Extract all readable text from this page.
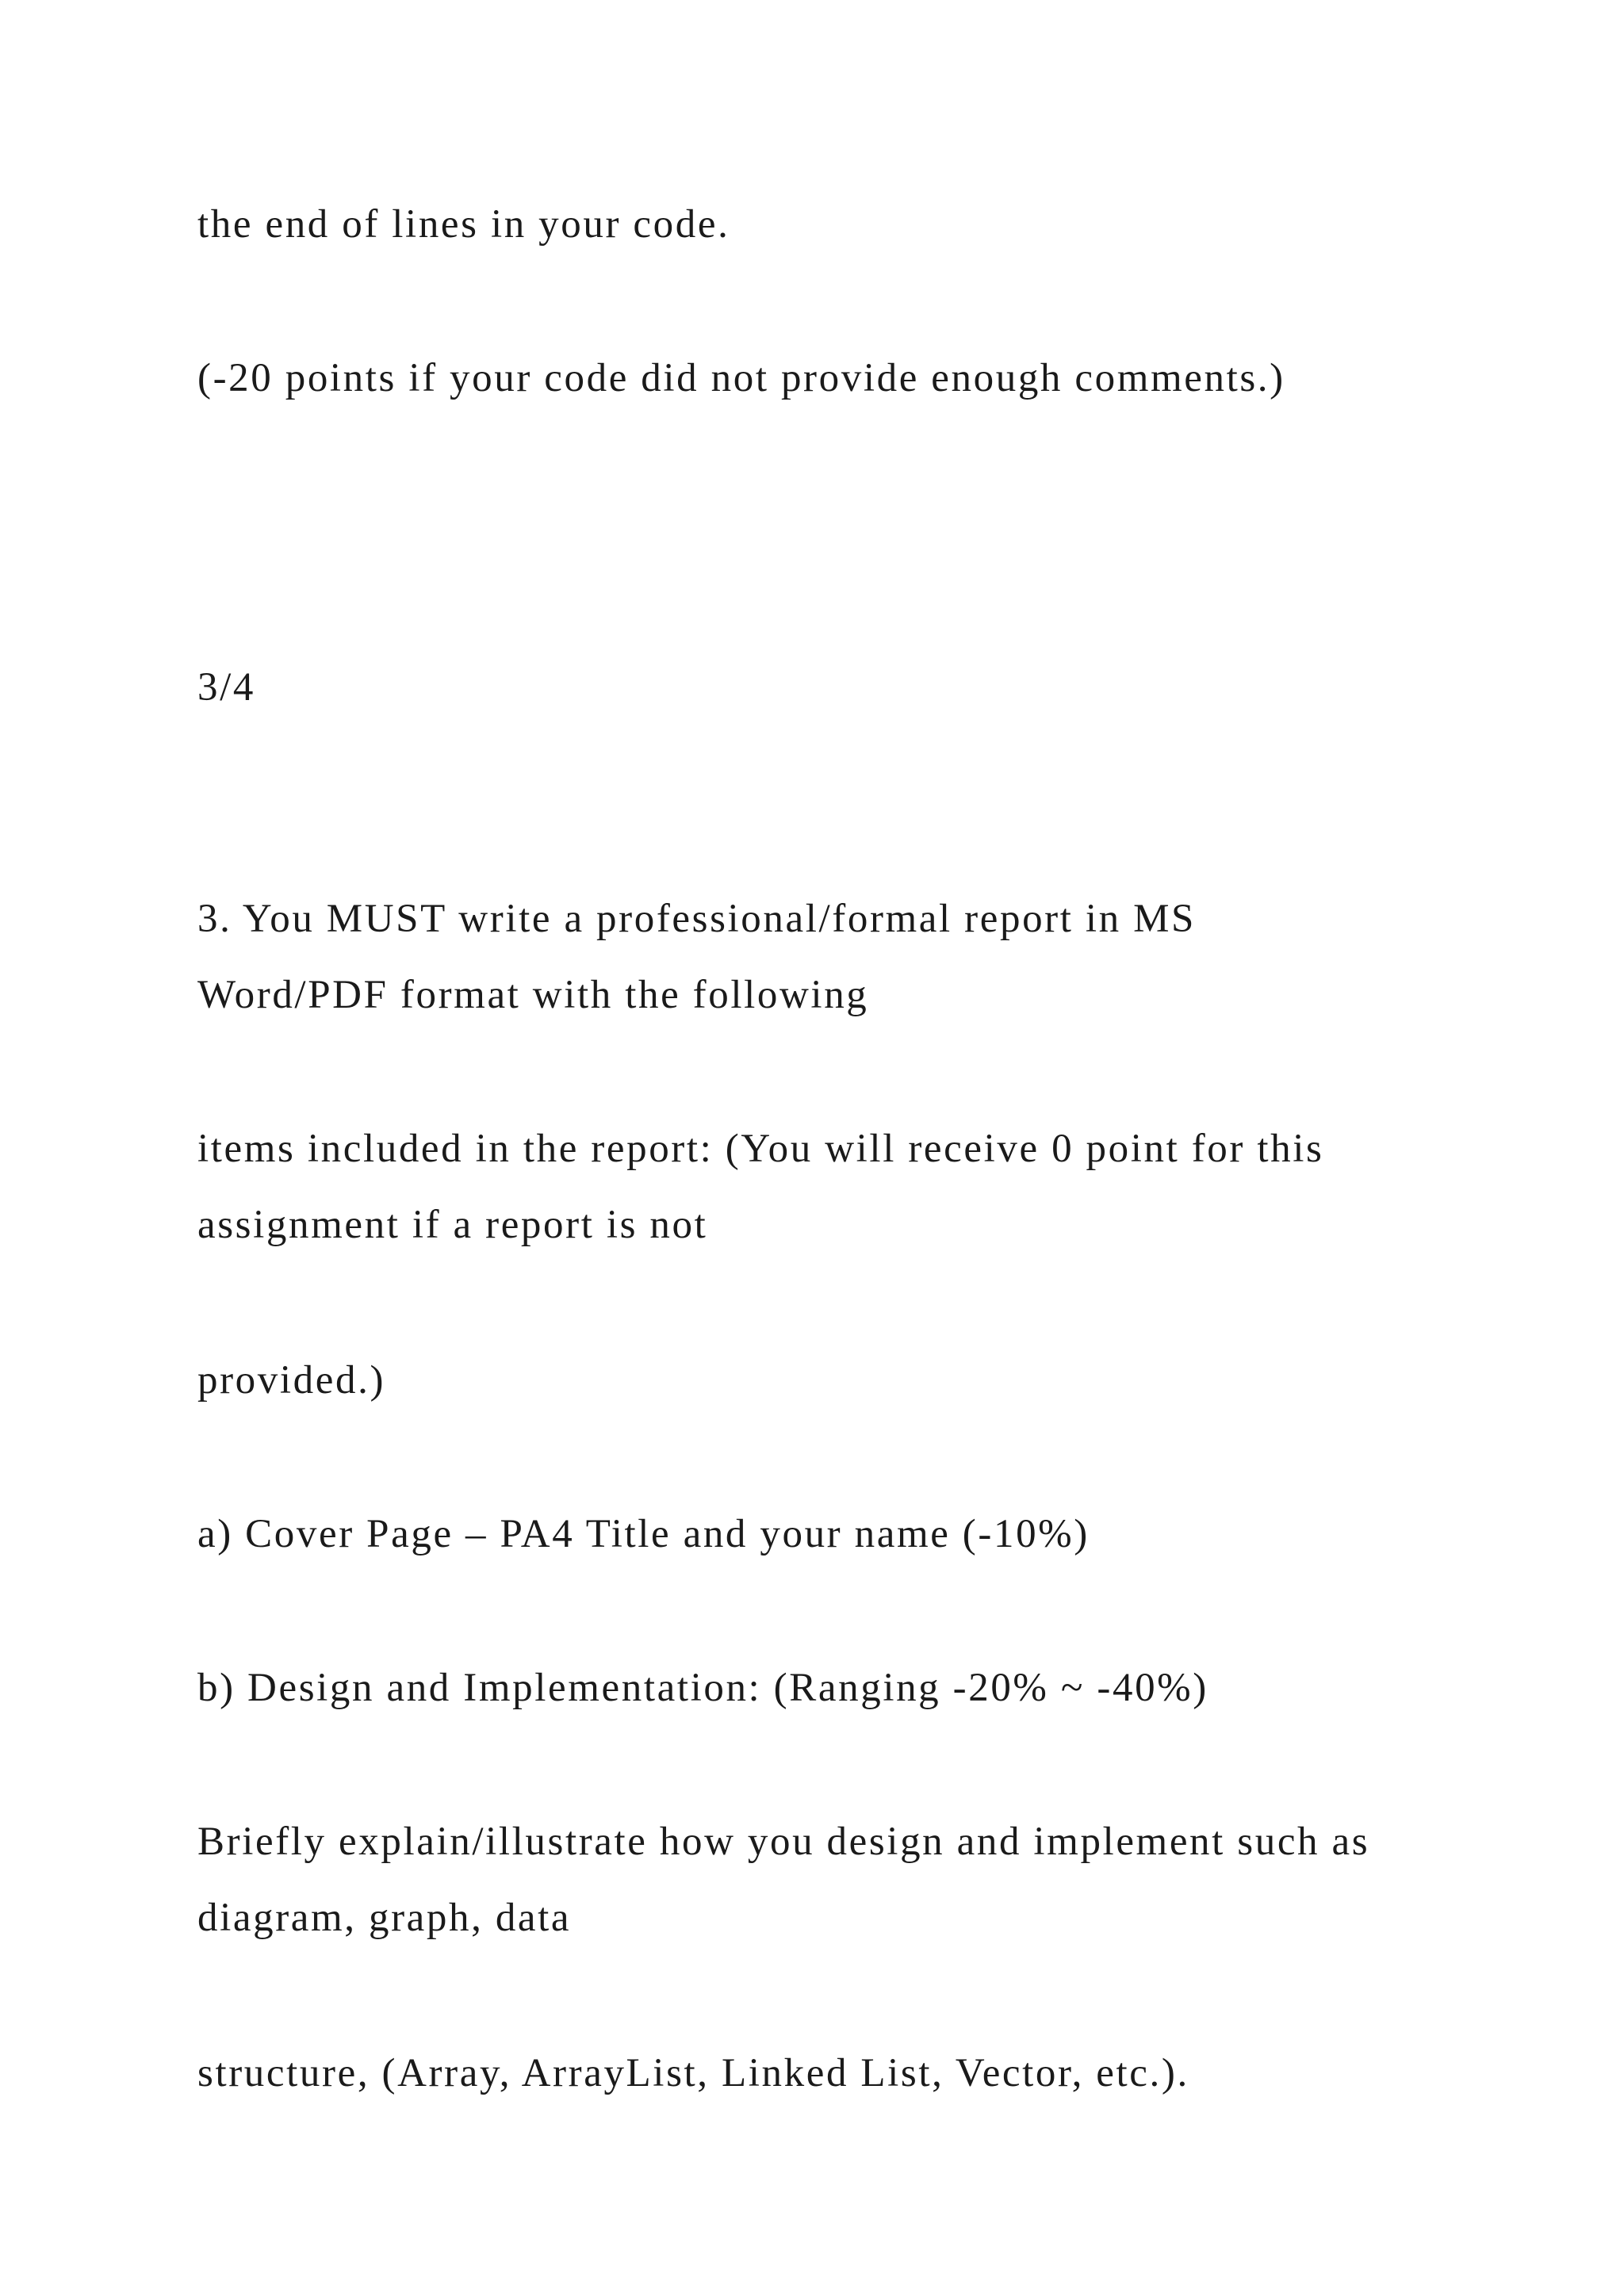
the end of lines in your code.

(-20 points if your code did not provide enough comments.)

3/4

3. You MUST write a professional/formal report in MS

Word/PDF format with the following

items included in the report: (You will receive 0 point for this

assignment if a report is not

provided.)

a) Cover Page – PA4 Title and your name (-10%)

b) Design and Implementation: (Ranging -20% ~ -40%)

Briefly explain/illustrate how you design and implement such as

diagram, graph, data

structure, (Array, ArrayList, Linked List, Vector, etc.).
